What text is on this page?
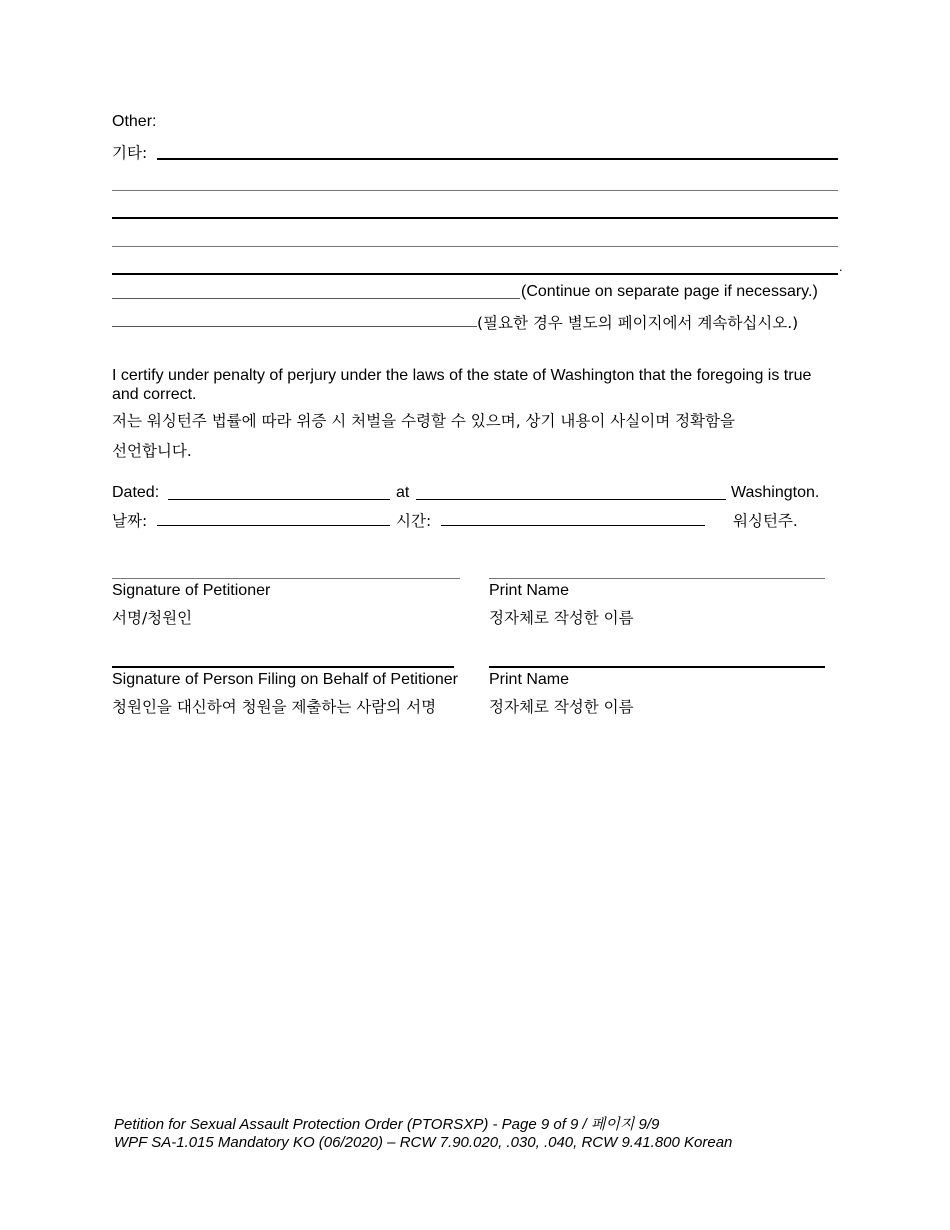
Other:
기타:
.
(Continue on separate page if necessary.)
(필요한 경우 별도의 페이지에서 계속하십시오.)
I certify under penalty of perjury under the laws of the state of Washington that the foregoing is true and correct.
저는 워싱턴주 법률에 따라 위증 시 처벌을 수령할 수 있으며, 상기 내용이 사실이며 정확함을
선언합니다.
Dated:	at	Washington.
날짜:	시간:	워싱턴주.
Signature of Petitioner
서명/청원인
Print Name
정자체로 작성한 이름
Signature of Person Filing on Behalf of Petitioner
청원인을 대신하여 청원을 제출하는 사람의 서명
Print Name
정자체로 작성한 이름
Petition for Sexual Assault Protection Order (PTORSXP) - Page 9 of 9 / 페이지 9/9
WPF SA-1.015 Mandatory KO (06/2020) – RCW 7.90.020, .030, .040, RCW 9.41.800 Korean
